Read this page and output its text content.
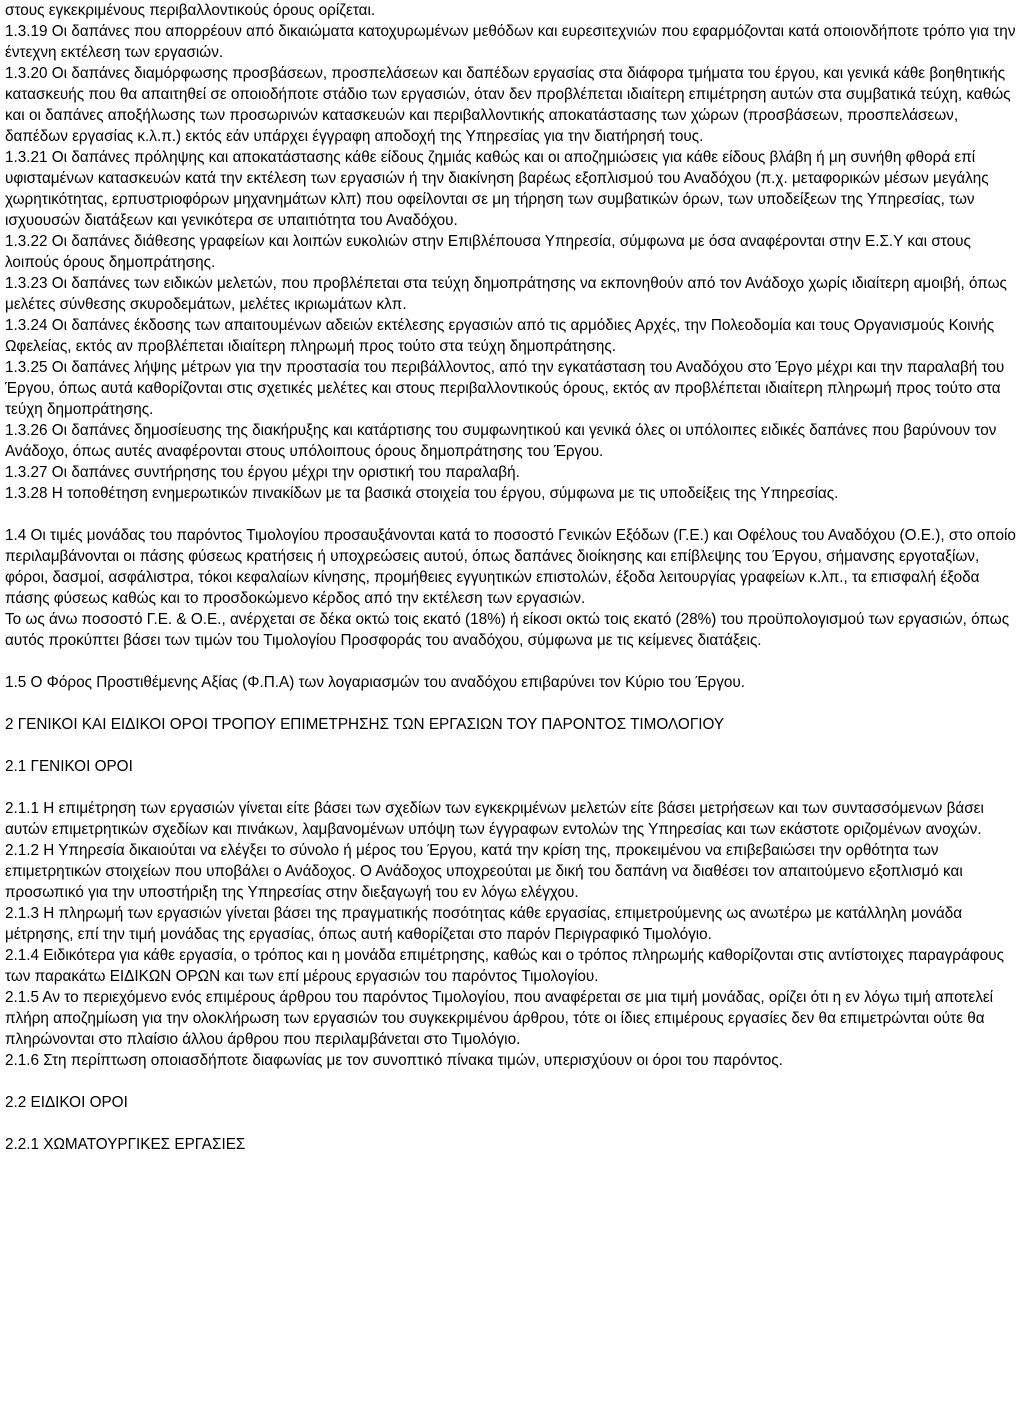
στους εγκεκριμένους περιβαλλοντικούς όρους ορίζεται.

1.3.19 Οι δαπάνες που απορρέουν από δικαιώματα κατοχυρωμένων μεθόδων και ευρεσιτεχνιών που εφαρμόζονται κατά οποιονδήποτε τρόπο για την έντεχνη εκτέλεση των εργασιών.

1.3.20 Οι δαπάνες διαμόρφωσης προσβάσεων, προσπελάσεων και δαπέδων εργασίας στα διάφορα τμήματα του έργου, και γενικά κάθε βοηθητικής κατασκευής που θα απαιτηθεί σε οποιοδήποτε στάδιο των εργασιών, όταν δεν προβλέπεται ιδιαίτερη επιμέτρηση αυτών στα συμβατικά τεύχη, καθώς και οι δαπάνες αποξήλωσης των προσωρινών κατασκευών και περιβαλλοντικής αποκατάστασης των χώρων (προσβάσεων, προσπελάσεων, δαπέδων εργασίας κ.λ.π.) εκτός εάν υπάρχει έγγραφη αποδοχή της Υπηρεσίας για την διατήρησή τους.

1.3.21 Οι δαπάνες πρόληψης και αποκατάστασης κάθε είδους ζημιάς καθώς και οι αποζημιώσεις για κάθε είδους βλάβη ή μη συνήθη φθορά επί υφισταμένων κατασκευών κατά την εκτέλεση των εργασιών ή την διακίνηση βαρέως εξοπλισμού του Αναδόχου (π.χ. μεταφορικών μέσων μεγάλης χωρητικότητας, ερπυστριοφόρων μηχανημάτων κλπ) που οφείλονται σε μη τήρηση των συμβατικών όρων, των υποδείξεων της Υπηρεσίας, των ισχυουσών διατάξεων και γενικότερα σε υπαιτιότητα του Αναδόχου.

1.3.22 Οι δαπάνες διάθεσης γραφείων και λοιπών ευκολιών στην Επιβλέπουσα Υπηρεσία, σύμφωνα με όσα αναφέρονται στην Ε.Σ.Υ και στους λοιπούς όρους δημοπράτησης.

1.3.23 Οι δαπάνες των ειδικών μελετών, που προβλέπεται στα τεύχη δημοπράτησης να εκπονηθούν από τον Ανάδοχο χωρίς ιδιαίτερη αμοιβή, όπως μελέτες σύνθεσης σκυροδεμάτων, μελέτες ικριωμάτων κλπ.

1.3.24 Οι δαπάνες έκδοσης των απαιτουμένων αδειών εκτέλεσης εργασιών από τις αρμόδιες Αρχές, την Πολεοδομία και τους Οργανισμούς Κοινής Ωφελείας, εκτός αν προβλέπεται ιδιαίτερη πληρωμή προς τούτο στα τεύχη δημοπράτησης.

1.3.25 Οι δαπάνες λήψης μέτρων για την προστασία του περιβάλλοντος, από την εγκατάσταση του Αναδόχου στο Έργο μέχρι και την παραλαβή του Έργου, όπως αυτά καθορίζονται στις σχετικές μελέτες και στους περιβαλλοντικούς όρους, εκτός αν προβλέπεται ιδιαίτερη πληρωμή προς τούτο στα τεύχη δημοπράτησης.

1.3.26 Οι δαπάνες δημοσίευσης της διακήρυξης και κατάρτισης του συμφωνητικού και γενικά όλες οι υπόλοιπες ειδικές δαπάνες που βαρύνουν τον Ανάδοχο, όπως αυτές αναφέρονται στους υπόλοιπους όρους δημοπράτησης του Έργου.

1.3.27 Οι δαπάνες συντήρησης του έργου μέχρι την οριστική του παραλαβή.

1.3.28 Η τοποθέτηση ενημερωτικών πινακίδων με τα βασικά στοιχεία του έργου, σύμφωνα με τις υποδείξεις της Υπηρεσίας.

1.4 Οι τιμές μονάδας του παρόντος Τιμολογίου προσαυξάνονται κατά το ποσοστό Γενικών Εξόδων (Γ.Ε.) και Οφέλους του Αναδόχου (Ο.Ε.), στο οποίο περιλαμβάνονται οι πάσης φύσεως κρατήσεις ή υποχρεώσεις αυτού, όπως δαπάνες διοίκησης και επίβλεψης του Έργου, σήμανσης εργοταξίων, φόροι, δασμοί, ασφάλιστρα, τόκοι κεφαλαίων κίνησης, προμήθειες εγγυητικών επιστολών, έξοδα λειτουργίας γραφείων κ.λπ., τα επισφαλή έξοδα πάσης φύσεως καθώς και το προσδοκώμενο κέρδος από την εκτέλεση των εργασιών.

Το ως άνω ποσοστό Γ.Ε. & Ο.Ε., ανέρχεται σε δέκα οκτώ τοις εκατό (18%) ή είκοσι οκτώ τοις εκατό (28%) του προϋπολογισμού των εργασιών, όπως αυτός προκύπτει βάσει των τιμών του Τιμολογίου Προσφοράς του αναδόχου, σύμφωνα με τις κείμενες διατάξεις.

1.5 Ο Φόρος Προστιθέμενης Αξίας (Φ.Π.Α) των λογαριασμών του αναδόχου επιβαρύνει τον Κύριο του Έργου.

2 ΓΕΝΙΚΟΙ ΚΑΙ ΕΙΔΙΚΟΙ ΟΡΟΙ ΤΡΟΠΟΥ ΕΠΙΜΕΤΡΗΣΗΣ ΤΩΝ ΕΡΓΑΣΙΩΝ ΤΟΥ ΠΑΡΟΝΤΟΣ ΤΙΜΟΛΟΓΙΟΥ

2.1 ΓΕΝΙΚΟΙ ΟΡΟΙ

2.1.1 Η επιμέτρηση των εργασιών γίνεται είτε βάσει των σχεδίων των εγκεκριμένων μελετών είτε βάσει μετρήσεων και των συντασσόμενων βάσει αυτών επιμετρητικών σχεδίων και πινάκων, λαμβανομένων υπόψη των έγγραφων εντολών της Υπηρεσίας και των εκάστοτε οριζομένων ανοχών.

2.1.2 Η Υπηρεσία δικαιούται να ελέγξει το σύνολο ή μέρος του Έργου, κατά την κρίση της, προκειμένου να επιβεβαιώσει την ορθότητα των επιμετρητικών στοιχείων που υποβάλει ο Ανάδοχος. Ο Ανάδοχος υποχρεούται με δική του δαπάνη να διαθέσει τον απαιτούμενο εξοπλισμό και προσωπικό για την υποστήριξη της Υπηρεσίας στην διεξαγωγή του εν λόγω ελέγχου.

2.1.3 Η πληρωμή των εργασιών γίνεται βάσει της πραγματικής ποσότητας κάθε εργασίας, επιμετρούμενης ως ανωτέρω με κατάλληλη μονάδα μέτρησης, επί την τιμή μονάδας της εργασίας, όπως αυτή καθορίζεται στο παρόν Περιγραφικό Τιμολόγιο.

2.1.4 Ειδικότερα για κάθε εργασία, ο τρόπος και η μονάδα επιμέτρησης, καθώς και ο τρόπος πληρωμής καθορίζονται στις αντίστοιχες παραγράφους των παρακάτω ΕΙΔΙΚΩΝ ΟΡΩΝ και των επί μέρους εργασιών του παρόντος Τιμολογίου.

2.1.5 Αν το περιεχόμενο ενός επιμέρους άρθρου του παρόντος Τιμολογίου, που αναφέρεται σε μια τιμή μονάδας, ορίζει ότι η εν λόγω τιμή αποτελεί πλήρη αποζημίωση για την ολοκλήρωση των εργασιών του συγκεκριμένου άρθρου, τότε οι ίδιες επιμέρους εργασίες δεν θα επιμετρώνται ούτε θα πληρώνονται στο πλαίσιο άλλου άρθρου που περιλαμβάνεται στο Τιμολόγιο.

2.1.6 Στη περίπτωση οποιασδήποτε διαφωνίας με τον συνοπτικό πίνακα τιμών, υπερισχύουν οι όροι του παρόντος.

2.2 ΕΙΔΙΚΟΙ ΟΡΟΙ

2.2.1 ΧΩΜΑΤΟΥΡΓΙΚΕΣ ΕΡΓΑΣΙΕΣ
